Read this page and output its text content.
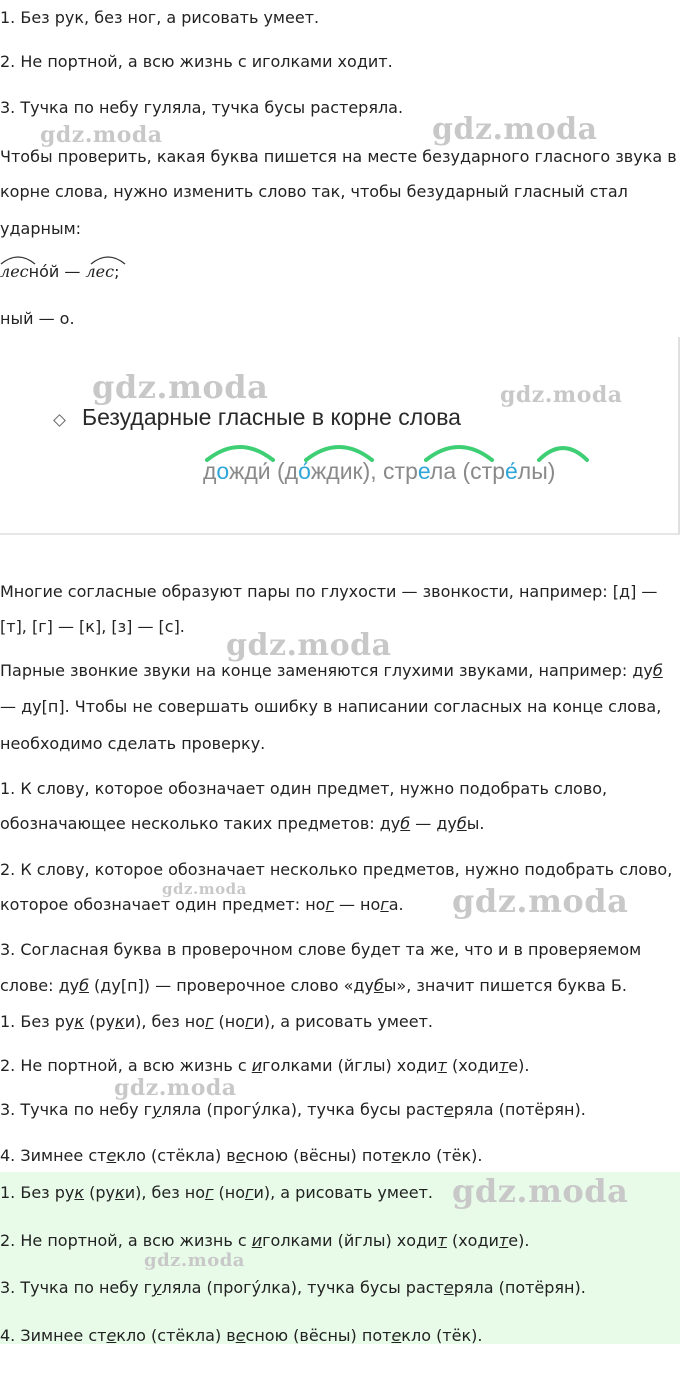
1. Без рук, без ног, а рисовать умеет.
2. Не портной, а всю жизнь с иголками ходит.
3. Тучка по небу гуляла, тучка бусы растеряла.
Чтобы проверить, какая буква пишется на месте безударного гласного звука в
корне слова, нужно изменить слово так, чтобы безударный гласный стал
ударным:
лесно́й — лес;
ный — о.
Безударные гласные в корне слова
дожди́ (до́ждик), стрела (стре́лы)
Многие согласные образуют пары по глухости — звонкости, например: [д] —
[т], [г] — [к], [з] — [с].
Парные звонкие звуки на конце заменяются глухими звуками, например: дуб
— ду[п]. Чтобы не совершать ошибку в написании согласных на конце слова,
необходимо сделать проверку.
1. К слову, которое обозначает один предмет, нужно подобрать слово,
обозначающее несколько таких предметов: дуб — дубы.
2. К слову, которое обозначает несколько предметов, нужно подобрать слово,
которое обозначает один предмет: ног — нога.
3. Согласная буква в проверочном слове будет та же, что и в проверяемом
слове: дуб (ду[п]) — проверочное слово «дубы», значит пишется буква Б.
1. Без рук (руки), без ног (ноги), а рисовать умеет.
2. Не портной, а всю жизнь с иголками (йглы) ходит (ходите).
3. Тучка по небу гуляла (прогу́лка), тучка бусы растеряла (потёрян).
4. Зимнее стекло (стёкла) весною (вёсны) потекло (тёк).
1. Без рук (руки), без ног (ноги), а рисовать умеет.
2. Не портной, а всю жизнь с иголками (йглы) ходит (ходите).
3. Тучка по небу гуляла (прогу́лка), тучка бусы растеряла (потёрян).
4. Зимнее стекло (стёкла) весною (вёсны) потекло (тёк).
gdz.moda	gdz.moda
gdz.moda	gdz.moda
gdz.moda
gdz.moda	gdz.moda
gdz.moda
gdz.moda
gdz.moda
